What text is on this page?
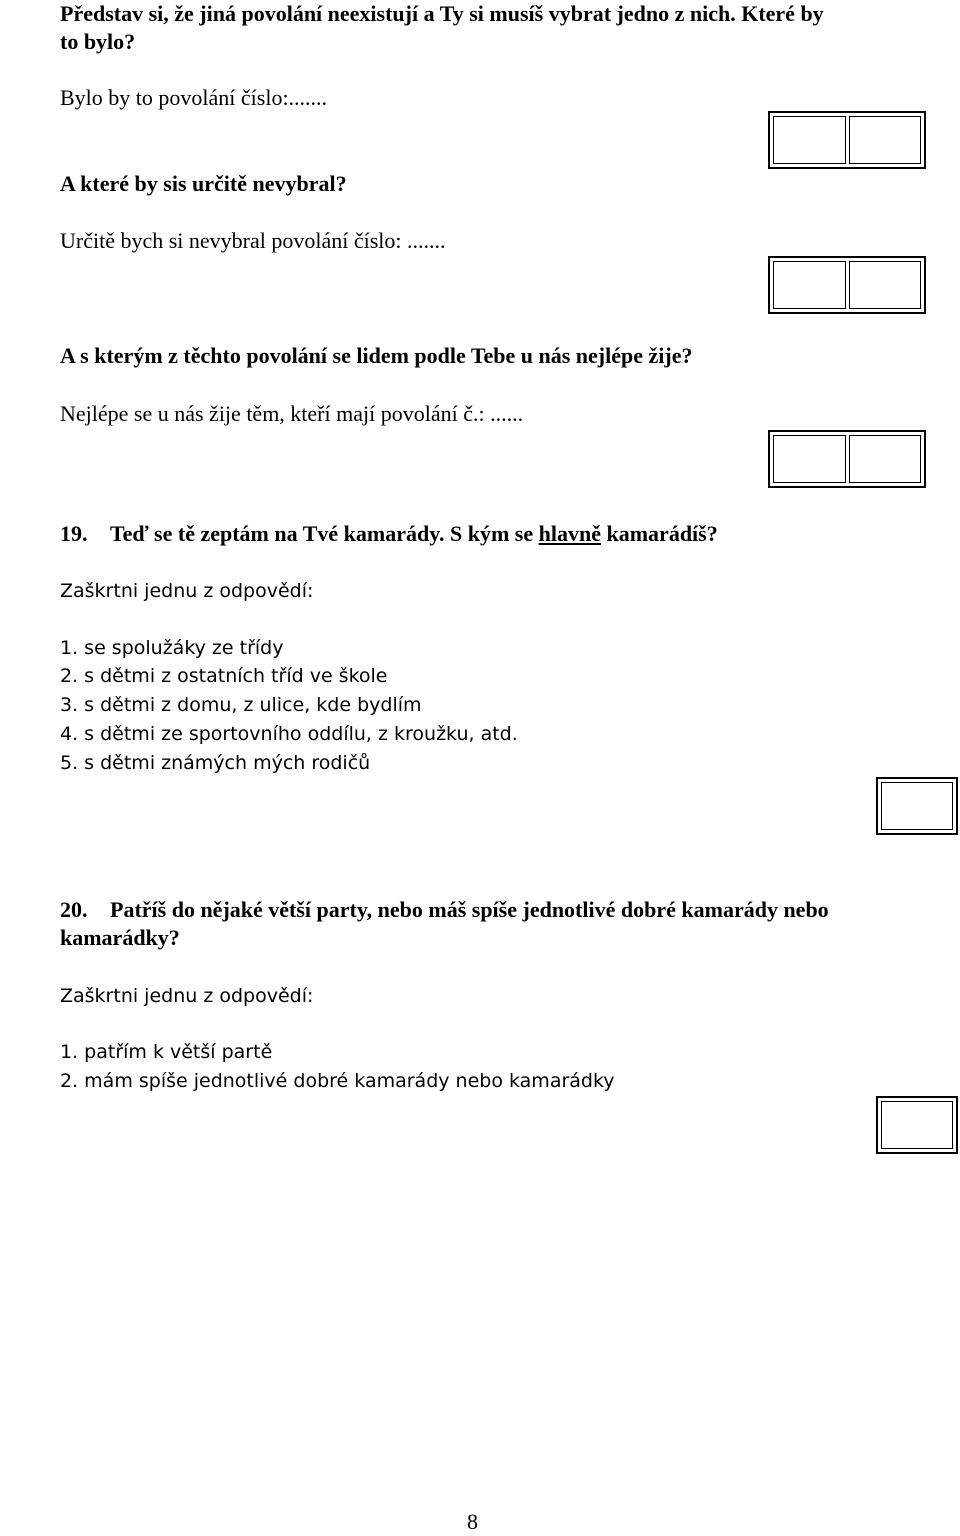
Představ si, že jiná povolání neexistují a Ty si musíš vybrat jedno z nich. Které by
to bylo?
Bylo by to povolání číslo:.......
A které by sis určitě nevybral?
Určitě bych si nevybral povolání číslo: .......
A s kterým z těchto povolání se lidem podle Tebe u nás nejlépe žije?
Nejlépe se u nás žije těm, kteří mají povolání č.: ......
19. Teď se tě zeptám na Tvé kamarády. S kým se hlavně kamarádíš?
Zaškrtni jednu z odpovědí:
1. se spolužáky ze třídy
2. s dětmi z ostatních tříd ve škole
3. s dětmi z domu, z ulice, kde bydlím
4. s dětmi ze sportovního oddílu, z kroužku, atd.
5. s dětmi známých mých rodičů
20. Patříš do nějaké větší party, nebo máš spíše jednotlivé dobré kamarády nebo
kamarádky?
Zaškrtni jednu z odpovědí:
1. patřím k větší partě
2. mám spíše jednotlivé dobré kamarády nebo kamarádky
8
